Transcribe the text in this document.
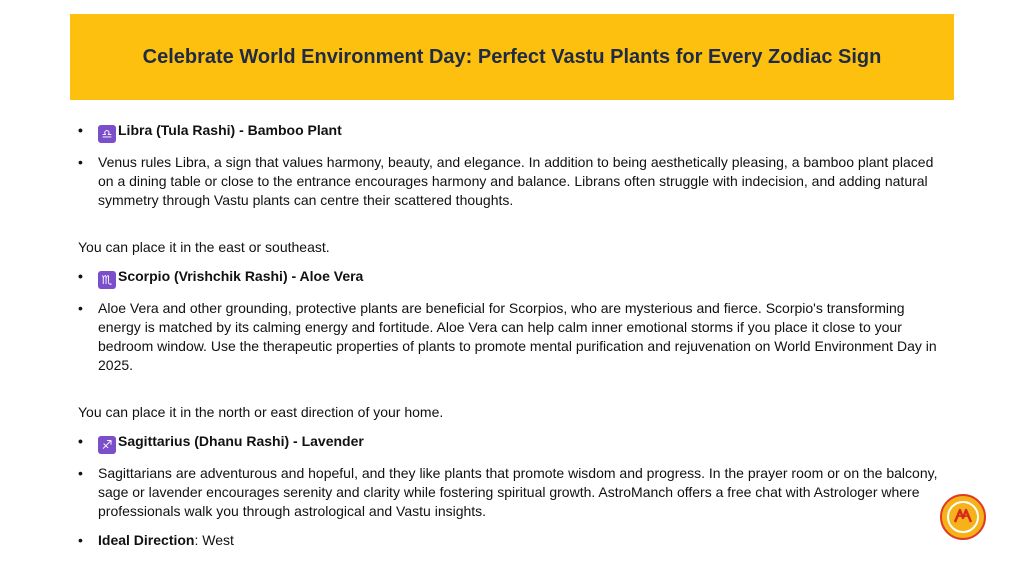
Celebrate World Environment Day: Perfect Vastu Plants for Every Zodiac Sign
• ♎ Libra (Tula Rashi) - Bamboo Plant
• Venus rules Libra, a sign that values harmony, beauty, and elegance. In addition to being aesthetically pleasing, a bamboo plant placed on a dining table or close to the entrance encourages harmony and balance. Librans often struggle with indecision, and adding natural symmetry through Vastu plants can centre their scattered thoughts.

You can place it in the east or southeast.

• ♏ Scorpio (Vrishchik Rashi) - Aloe Vera
• Aloe Vera and other grounding, protective plants are beneficial for Scorpios, who are mysterious and fierce. Scorpio's transforming energy is matched by its calming energy and fortitude. Aloe Vera can help calm inner emotional storms if you place it close to your bedroom window. Use the therapeutic properties of plants to promote mental purification and rejuvenation on World Environment Day in 2025.

You can place it in the north or east direction of your home.

• ♐ Sagittarius (Dhanu Rashi) - Lavender
• Sagittarians are adventurous and hopeful, and they like plants that promote wisdom and progress. In the prayer room or on the balcony, sage or lavender encourages serenity and clarity while fostering spiritual growth. AstroManch offers a free chat with Astrologer where professionals walk you through astrological and Vastu insights.
• Ideal Direction: West
